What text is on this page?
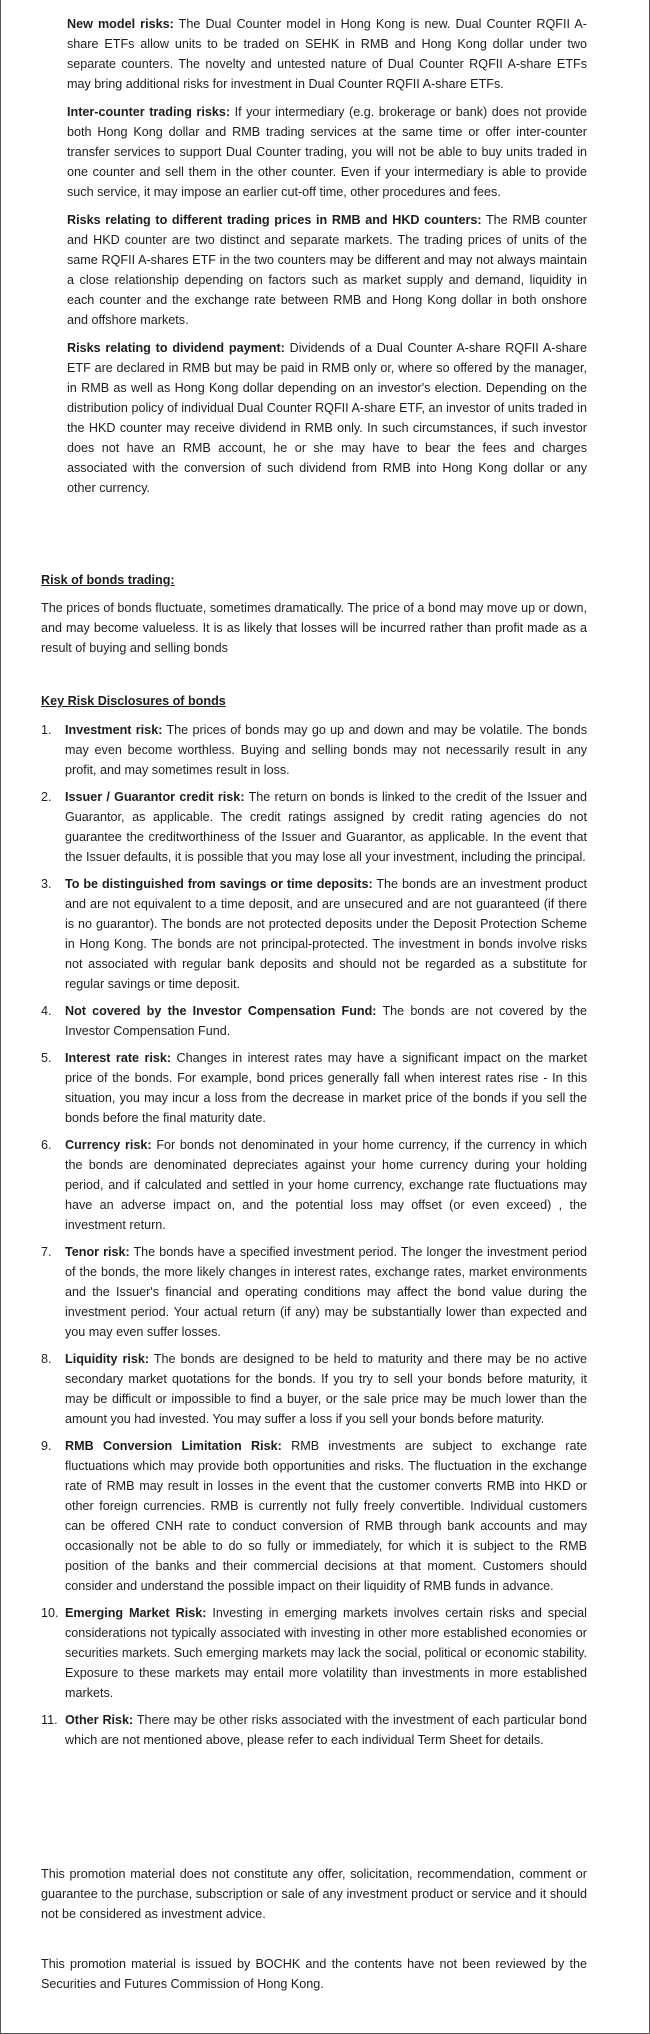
New model risks: The Dual Counter model in Hong Kong is new. Dual Counter RQFII A-share ETFs allow units to be traded on SEHK in RMB and Hong Kong dollar under two separate counters. The novelty and untested nature of Dual Counter RQFII A-share ETFs may bring additional risks for investment in Dual Counter RQFII A-share ETFs.

Inter-counter trading risks: If your intermediary (e.g. brokerage or bank) does not provide both Hong Kong dollar and RMB trading services at the same time or offer inter-counter transfer services to support Dual Counter trading, you will not be able to buy units traded in one counter and sell them in the other counter. Even if your intermediary is able to provide such service, it may impose an earlier cut-off time, other procedures and fees.

Risks relating to different trading prices in RMB and HKD counters: The RMB counter and HKD counter are two distinct and separate markets. The trading prices of units of the same RQFII A-shares ETF in the two counters may be different and may not always maintain a close relationship depending on factors such as market supply and demand, liquidity in each counter and the exchange rate between RMB and Hong Kong dollar in both onshore and offshore markets.

Risks relating to dividend payment: Dividends of a Dual Counter A-share RQFII A-share ETF are declared in RMB but may be paid in RMB only or, where so offered by the manager, in RMB as well as Hong Kong dollar depending on an investor's election. Depending on the distribution policy of individual Dual Counter RQFII A-share ETF, an investor of units traded in the HKD counter may receive dividend in RMB only. In such circumstances, if such investor does not have an RMB account, he or she may have to bear the fees and charges associated with the conversion of such dividend from RMB into Hong Kong dollar or any other currency.

Risk of bonds trading:

The prices of bonds fluctuate, sometimes dramatically. The price of a bond may move up or down, and may become valueless. It is as likely that losses will be incurred rather than profit made as a result of buying and selling bonds

Key Risk Disclosures of bonds

1.	Investment risk: The prices of bonds may go up and down and may be volatile. The bonds may even become worthless. Buying and selling bonds may not necessarily result in any profit, and may sometimes result in loss.

2.	Issuer / Guarantor credit risk: The return on bonds is linked to the credit of the Issuer and Guarantor, as applicable. The credit ratings assigned by credit rating agencies do not guarantee the creditworthiness of the Issuer and Guarantor, as applicable. In the event that the Issuer defaults, it is possible that you may lose all your investment, including the principal.

3.	To be distinguished from savings or time deposits: The bonds are an investment product and are not equivalent to a time deposit, and are unsecured and are not guaranteed (if there is no guarantor). The bonds are not protected deposits under the Deposit Protection Scheme in Hong Kong. The bonds are not principal-protected. The investment in bonds involve risks not associated with regular bank deposits and should not be regarded as a substitute for regular savings or time deposit.

4.	Not covered by the Investor Compensation Fund: The bonds are not covered by the Investor Compensation Fund.

5.	Interest rate risk: Changes in interest rates may have a significant impact on the market price of the bonds. For example, bond prices generally fall when interest rates rise - In this situation, you may incur a loss from the decrease in market price of the bonds if you sell the bonds before the final maturity date.

6.	Currency risk: For bonds not denominated in your home currency, if the currency in which the bonds are denominated depreciates against your home currency during your holding period, and if calculated and settled in your home currency, exchange rate fluctuations may have an adverse impact on, and the potential loss may offset (or even exceed) , the investment return.

7.	Tenor risk: The bonds have a specified investment period. The longer the investment period of the bonds, the more likely changes in interest rates, exchange rates, market environments and the Issuer's financial and operating conditions may affect the bond value during the investment period. Your actual return (if any) may be substantially lower than expected and you may even suffer losses.

8.	Liquidity risk: The bonds are designed to be held to maturity and there may be no active secondary market quotations for the bonds. If you try to sell your bonds before maturity, it may be difficult or impossible to find a buyer, or the sale price may be much lower than the amount you had invested. You may suffer a loss if you sell your bonds before maturity.

9.	RMB Conversion Limitation Risk: RMB investments are subject to exchange rate fluctuations which may provide both opportunities and risks. The fluctuation in the exchange rate of RMB may result in losses in the event that the customer converts RMB into HKD or other foreign currencies. RMB is currently not fully freely convertible. Individual customers can be offered CNH rate to conduct conversion of RMB through bank accounts and may occasionally not be able to do so fully or immediately, for which it is subject to the RMB position of the banks and their commercial decisions at that moment. Customers should consider and understand the possible impact on their liquidity of RMB funds in advance.

10. Emerging Market Risk: Investing in emerging markets involves certain risks and special considerations not typically associated with investing in other more established economies or securities markets. Such emerging markets may lack the social, political or economic stability. Exposure to these markets may entail more volatility than investments in more established markets.

11. Other Risk: There may be other risks associated with the investment of each particular bond which are not mentioned above, please refer to each individual Term Sheet for details.

This promotion material does not constitute any offer, solicitation, recommendation, comment or guarantee to the purchase, subscription or sale of any investment product or service and it should not be considered as investment advice.

This promotion material is issued by BOCHK and the contents have not been reviewed by the Securities and Futures Commission of Hong Kong.
